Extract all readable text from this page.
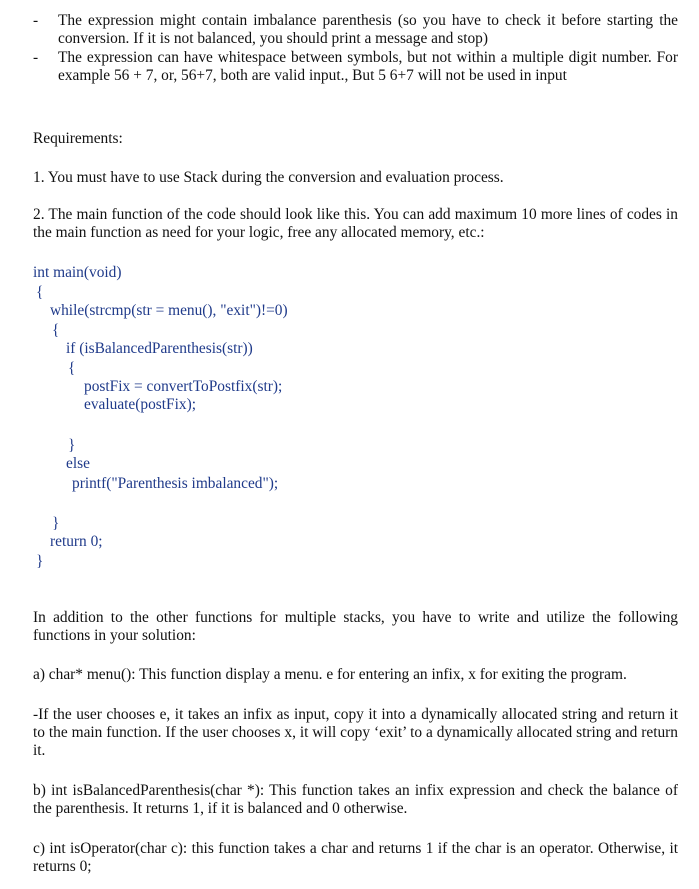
-	The expression might contain imbalance parenthesis (so you have to check it before starting the conversion. If it is not balanced, you should print a message and stop)
-	The expression can have whitespace between symbols, but not within a multiple digit number. For example 56 + 7, or, 56+7, both are valid input., But 5 6+7 will not be used in input
Requirements:
1. You must have to use Stack during the conversion and evaluation process.
2. The main function of the code should look like this. You can add maximum 10 more lines of codes in the main function as need for your logic, free any allocated memory, etc.:
int main(void)
{
while(strcmp(str = menu(), "exit")!=0)
{
if (isBalancedParenthesis(str))
{
postFix = convertToPostfix(str);
evaluate(postFix);
}
else
printf("Parenthesis imbalanced");
}
return 0;
}
In addition to the other functions for multiple stacks, you have to write and utilize the following functions in your solution:
a) char* menu(): This function display a menu. e for entering an infix, x for exiting the program.
-If the user chooses e, it takes an infix as input, copy it into a dynamically allocated string and return it to the main function. If the user chooses x, it will copy ‘exit’ to a dynamically allocated string and return it.
b) int isBalancedParenthesis(char *): This function takes an infix expression and check the balance of the parenthesis. It returns 1, if it is balanced and 0 otherwise.
c) int isOperator(char c): this function takes a char and returns 1 if the char is an operator. Otherwise, it returns 0;
